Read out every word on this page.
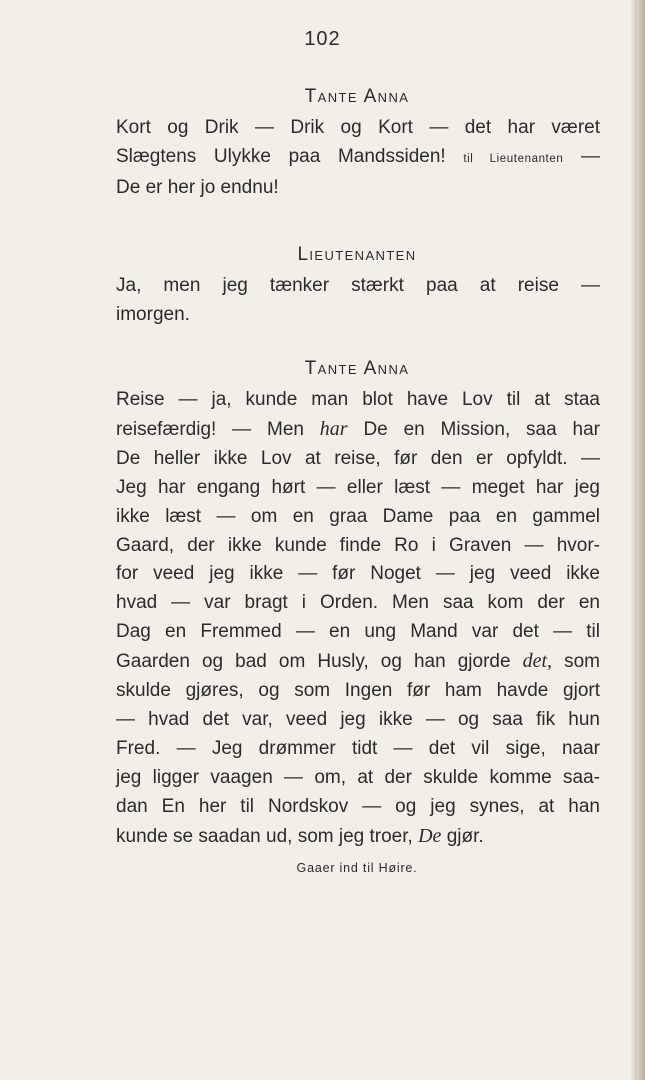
102
Tante Anna
Kort og Drik — Drik og Kort — det har været
Slægtens Ulykke paa Mandssiden! til Lieutenanten —
De er her jo endnu!
Lieutenanten
Ja, men jeg tænker stærkt paa at reise —
imorgen.
Tante Anna
Reise — ja, kunde man blot have Lov til at staa
reisefærdig! — Men har De en Mission, saa har
De heller ikke Lov at reise, før den er opfyldt. —
Jeg har engang hørt — eller læst — meget har jeg
ikke læst — om en graa Dame paa en gammel
Gaard, der ikke kunde finde Ro i Graven — hvor-
for veed jeg ikke — før Noget — jeg veed ikke
hvad — var bragt i Orden. Men saa kom der en
Dag en Fremmed — en ung Mand var det — til
Gaarden og bad om Husly, og han gjorde det, som
skulde gjøres, og som Ingen før ham havde gjort
— hvad det var, veed jeg ikke — og saa fik hun
Fred. — Jeg drømmer tidt — det vil sige, naar
jeg ligger vaagen — om, at der skulde komme saa-
dan En her til Nordskov — og jeg synes, at han
kunde se saadan ud, som jeg troer, De gjør.
Gaaer ind til Høire.
